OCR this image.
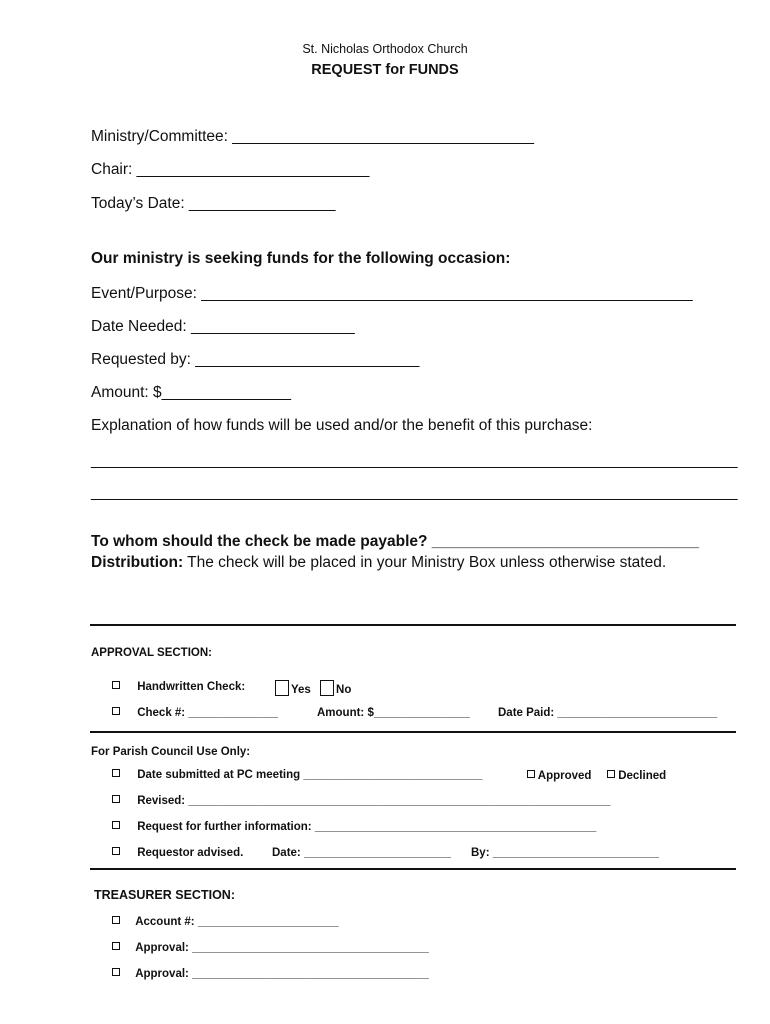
St. Nicholas Orthodox Church
REQUEST for FUNDS
Ministry/Committee: ___________________________________
Chair: ___________________________
Today’s Date: _________________
Our ministry is seeking funds for the following occasion:
Event/Purpose: _________________________________________________________
Date Needed: ___________________
Requested by: __________________________
Amount: $_______________
Explanation of how funds will be used and/or the benefit of this purchase:
___________________________________________________________________________
___________________________________________________________________________
To whom should the check be made payable? _______________________________
Distribution: The check will be placed in your Ministry Box unless otherwise stated.
APPROVAL SECTION:
Handwritten Check:	Yes No
Check #: ______________	Amount: $_______________ Date Paid: _________________________
For Parish Council Use Only:
Date submitted at PC meeting ____________________________	Approved	Declined
Revised: __________________________________________________________________
Request for further information: ____________________________________________
Requestor advised. Date: _______________________ By: __________________________
TREASURER SECTION:
Account #: ______________________
Approval: _____________________________________
Approval: _____________________________________
